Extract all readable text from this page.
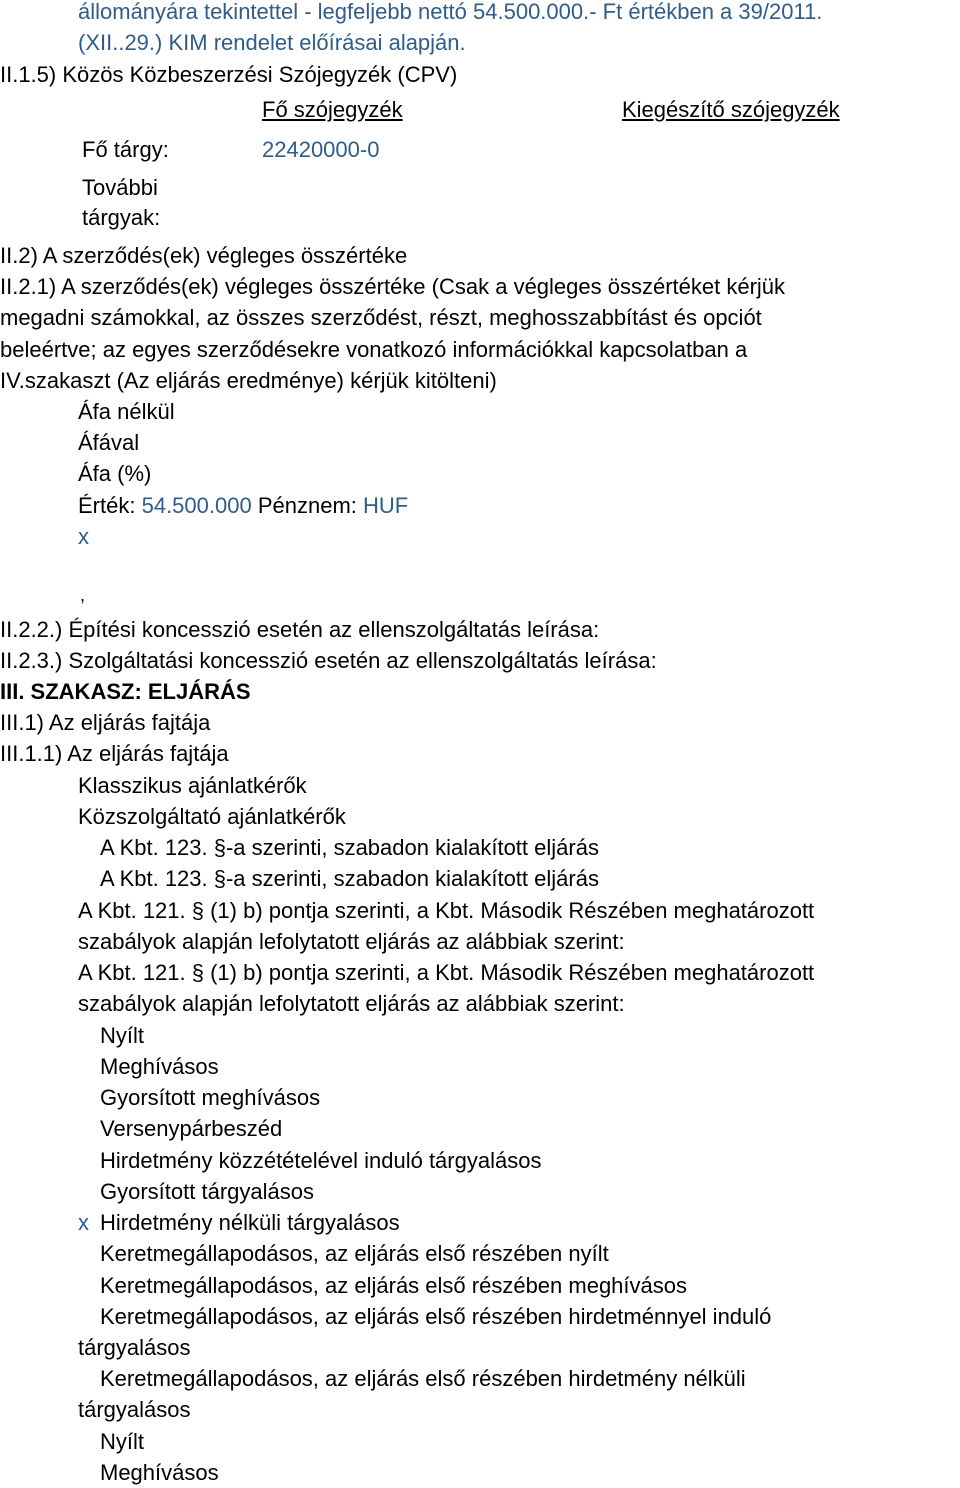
állományára tekintettel - legfeljebb nettó 54.500.000.- Ft értékben a 39/2011.
(XII..29.) KIM rendelet előírásai alapján.
II.1.5) Közös Közbeszerzési Szójegyzék (CPV)
Fő szójegyzék	Kiegészítő szójegyzék
Fő tárgy:	22420000-0
További
tárgyak:
II.2) A szerződés(ek) végleges összértéke
II.2.1) A szerződés(ek) végleges összértéke (Csak a végleges összértéket kérjük
megadni számokkal, az összes szerződést, részt, meghosszabbítást és opciót
beleértve; az egyes szerződésekre vonatkozó információkkal kapcsolatban a
IV.szakaszt (Az eljárás eredménye) kérjük kitölteni)
Áfa nélkül
Áfával
Áfa (%)
Érték: 54.500.000 Pénznem: HUF
x
,
II.2.2.) Építési koncesszió esetén az ellenszolgáltatás leírása:
II.2.3.) Szolgáltatási koncesszió esetén az ellenszolgáltatás leírása:
III. SZAKASZ: ELJÁRÁS
III.1) Az eljárás fajtája
III.1.1) Az eljárás fajtája
Klasszikus ajánlatkérők
Közszolgáltató ajánlatkérők
A Kbt. 123. §-a szerinti, szabadon kialakított eljárás
A Kbt. 123. §-a szerinti, szabadon kialakított eljárás
A Kbt. 121. § (1) b) pontja szerinti, a Kbt. Második Részében meghatározott
szabályok alapján lefolytatott eljárás az alábbiak szerint:
A Kbt. 121. § (1) b) pontja szerinti, a Kbt. Második Részében meghatározott
szabályok alapján lefolytatott eljárás az alábbiak szerint:
Nyílt
Meghívásos
Gyorsított meghívásos
Versenypárbeszéd
Hirdetmény közzétételével induló tárgyalásos
Gyorsított tárgyalásos
x Hirdetmény nélküli tárgyalásos
Keretmegállapodásos, az eljárás első részében nyílt
Keretmegállapodásos, az eljárás első részében meghívásos
Keretmegállapodásos, az eljárás első részében hirdetménnyel induló
tárgyalásos
Keretmegállapodásos, az eljárás első részében hirdetmény nélküli
tárgyalásos
Nyílt
Meghívásos
